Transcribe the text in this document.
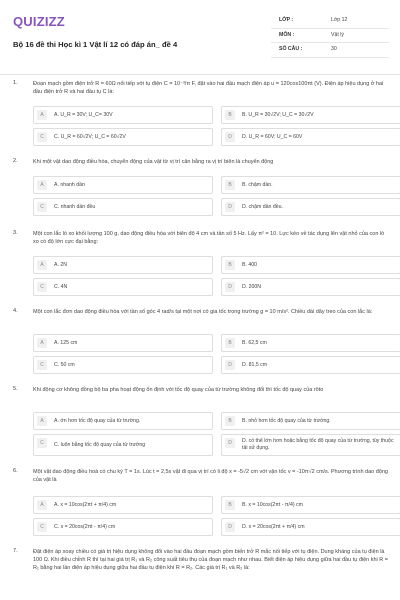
QUIZIZZ
Bộ 16 đề thi Học kì 1 Vật lí 12 có đáp án_ đề 4
LỚP :	Lớp 12
MÔN :	Vật lý
SỐ CÂU :	30
1.	Đoạn mạch gồm điện trở R = 60Ω nối tiếp với tụ điện C = 10⁻³/π F, đặt vào hai đầu mạch điện áp u = 120cos100πt (V). Điện áp hiệu dụng ở hai đầu điện trở R và hai đầu tụ C là:
A	A. U_R = 30V; U_C= 30V	B	B. U_R = 30√2V; U_C = 30√2V
C	C. U_R = 60√2V; U_C = 60√2V	D	D. U_R = 60V; U_C = 60V
2.	Khi một vật dao động điều hòa, chuyển động của vật từ vị trí cân bằng ra vị trí biên là chuyển động
A	A. nhanh dần	B	B. chậm dần.
C	C. nhanh dần đều	D	D. chậm dần đều.
3.	Một con lắc lò xo khối lượng 100 g, dao động điều hòa với biên độ 4 cm và tần số 5 Hz. Lấy π² = 10. Lực kéo về tác dụng lên vật nhỏ của con lò xo có độ lớn cực đại bằng:
A	A. 2N	B	B. 400
C	C. 4N	D	D. 200N
4.	Một con lắc đơn dao động điều hòa với tần số góc 4 rad/s tại một nơi có gia tốc trọng trường g = 10 m/s². Chiều dài dây treo của con lắc là:
A	A. 125 cm	B	B. 62,5 cm
C	C. 50 cm	D	D. 81,5 cm
5.	Khi động cơ không đồng bộ ba pha hoạt động ổn định với tốc độ quay của từ trường không đổi thì tốc độ quay của rôto
A	A. ớn hơn tốc độ quay của từ trường.	B	B. nhỏ hơn tốc độ quay của từ trường.
C	C. luôn bằng tốc độ quay của từ trường	D	D. có thể lớn hơn hoặc bằng tốc độ quay của từ trường, tùy thuộc tải sử dụng.
6.	Một vật dao động điều hoà có chu kỳ T = 1s. Lúc t = 2,5s vật đi qua vị trí có li độ x = -5√2 cm với vận tốc v = -10π√2 cm/s. Phương trình dao động của vật là
A	A. x = 10cos(2πt + π/4) cm	B	B. x = 10cos(2πt - π/4) cm
C	C. x = 20cos(2πt - π/4) cm	D	D. x = 20cos(2πt + π/4) cm
7.	Đặt điện áp xoay chiều có giá trị hiệu dụng không đổi vào hai đầu đoạn mạch gồm biến trở R mắc nối tiếp với tụ điện. Dung kháng của tụ điện là 100 Ω. Khi điều chỉnh R thì tại hai giá trị R₁ và R₂ công suất tiêu thụ của đoạn mạch như nhau. Biết điện áp hiệu dụng giữa hai đầu tụ điện khi R = R₁ bằng hai lần điện áp hiệu dụng giữa hai đầu tụ điện khi R = R₂. Các giá trị R₁ và R₂ là:
